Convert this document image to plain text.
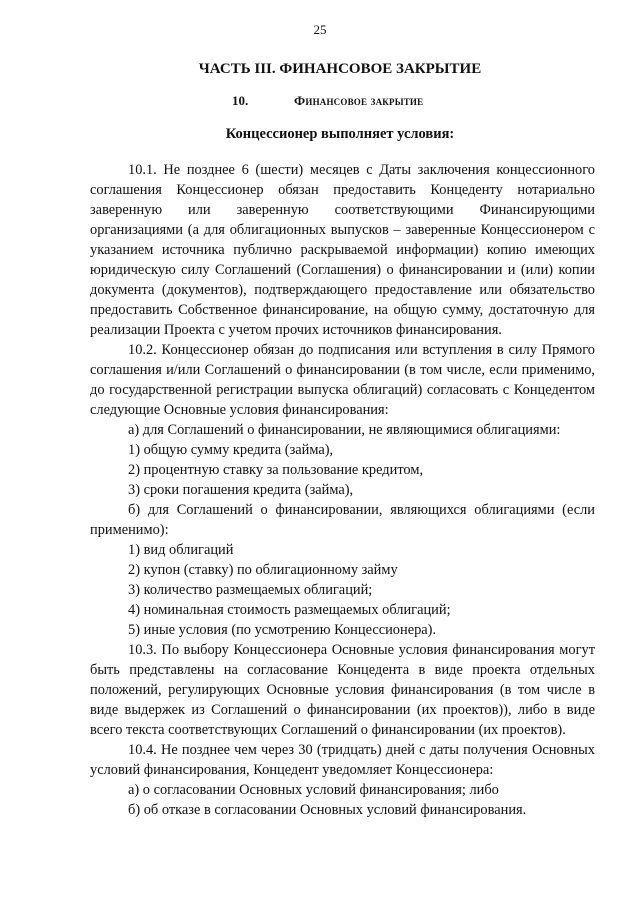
25
ЧАСТЬ III. ФИНАНСОВОЕ ЗАКРЫТИЕ
10.	Финансовое закрытие
Концессионер выполняет условия:

10.1. Не позднее 6 (шести) месяцев с Даты заключения концессионного соглашения Концессионер обязан предоставить Концеденту нотариально заверенную или заверенную соответствующими Финансирующими организациями (а для облигационных выпусков – заверенные Концессионером с указанием источника публично раскрываемой информации) копию имеющих юридическую силу Соглашений (Соглашения) о финансировании и (или) копии документа (документов), подтверждающего предоставление или обязательство предоставить Собственное финансирование, на общую сумму, достаточную для реализации Проекта с учетом прочих источников финансирования.

10.2. Концессионер обязан до подписания или вступления в силу Прямого соглашения и/или Соглашений о финансировании (в том числе, если применимо, до государственной регистрации выпуска облигаций) согласовать с Концедентом следующие Основные условия финансирования:

а) для Соглашений о финансировании, не являющимися облигациями:

1) общую сумму кредита (займа),

2) процентную ставку за пользование кредитом,

3) сроки погашения кредита (займа),

б) для Соглашений о финансировании, являющихся облигациями (если применимо):

1) вид облигаций

2) купон (ставку) по облигационному займу

3) количество размещаемых облигаций;

4) номинальная стоимость размещаемых облигаций;

5) иные условия (по усмотрению Концессионера).

10.3. По выбору Концессионера Основные условия финансирования могут быть представлены на согласование Концедента в виде проекта отдельных положений, регулирующих Основные условия финансирования (в том числе в виде выдержек из Соглашений о финансировании (их проектов)), либо в виде всего текста соответствующих Соглашений о финансировании (их проектов).

10.4. Не позднее чем через 30 (тридцать) дней с даты получения Основных условий финансирования, Концедент уведомляет Концессионера:

а) о согласовании Основных условий финансирования; либо

б) об отказе в согласовании Основных условий финансирования.
